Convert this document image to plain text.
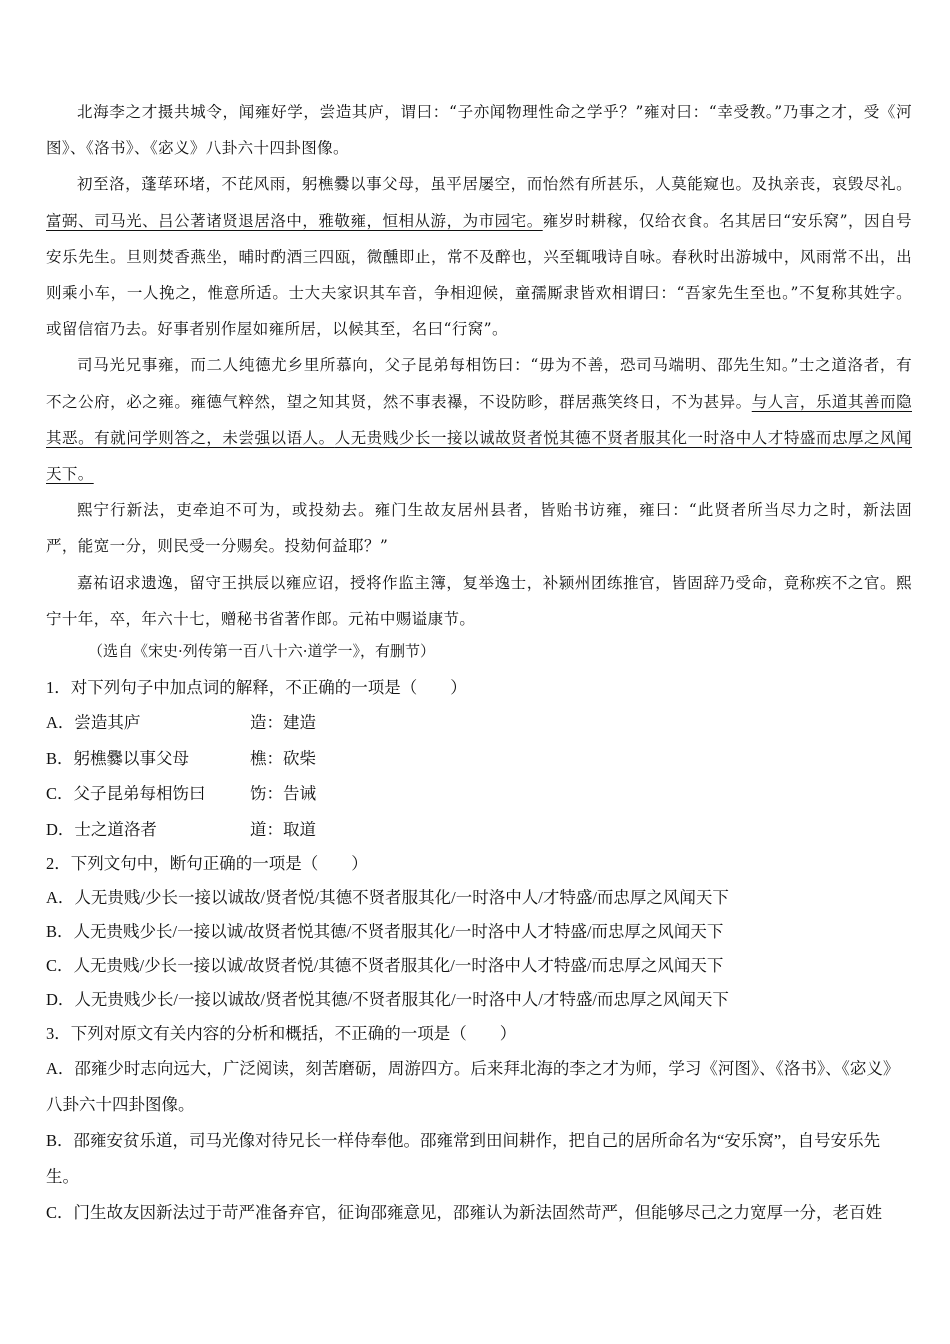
北海李之才摄共城令，闻雍好学，尝造其庐，谓曰：“子亦闻物理性命之学乎？”雍对曰：“幸受教。”乃事之才，受《河图》、《洛书》、《宓义》八卦六十四卦图像。

初至洛，蓬荜环堵，不芘风雨，躬樵爨以事父母，虽平居屡空，而怡然有所甚乐，人莫能窥也。及执亲丧，哀毁尽礼。富弼、司马光、吕公著诸贤退居洛中，雅敬雍，恒相从游，为市园宅。雍岁时耕稼，仅给衣食。名其居曰“安乐窝”，因自号安乐先生。旦则焚香燕坐，晡时酌酒三四瓯，微醺即止，常不及醉也，兴至辄哦诗自咏。春秋时出游城中，风雨常不出，出则乘小车，一人挽之，惟意所适。士大夫家识其车音，争相迎候，童孺厮隶皆欢相谓曰：“吾家先生至也。”不复称其姓字。或留信宿乃去。好事者别作屋如雍所居，以候其至，名曰“行窝”。

司马光兄事雍，而二人纯德尤乡里所慕向，父子昆弟每相饬曰：“毋为不善，恐司马端明、邵先生知。”士之道洛者，有不之公府，必之雍。雍德气粹然，望之知其贤，然不事表襮，不设防畛，群居燕笑终日，不为甚异。与人言，乐道其善而隐其恶。有就问学则答之，未尝强以语人。人无贵贱少长一接以诚故贤者悦其德不贤者服其化一时洛中人才特盛而忠厚之风闻天下。

熙宁行新法，吏牵迫不可为，或投劾去。雍门生故友居州县者，皆贻书访雍，雍曰：“此贤者所当尽力之时，新法固严，能宽一分，则民受一分赐矣。投劾何益耶？”

嘉祐诏求遗逸，留守王拱辰以雍应诏，授将作监主簿，复举逸士，补颍州团练推官，皆固辞乃受命，竟称疾不之官。熙宁十年，卒，年六十七，赠秘书省著作郎。元祐中赐谥康节。

（选自《宋史·列传第一百八十六·道学一》，有删节）
1．对下列句子中加点词的解释，不正确的一项是（　　）
A．尝造其庐	造：建造
B．躬樵爨以事父母	樵：砍柴
C．父子昆弟每相饬曰	饬：告诫
D．士之道洛者	道：取道
2．下列文句中，断句正确的一项是（　　）
A．人无贵贱/少长一接以诚故/贤者悦/其德不贤者服其化/一时洛中人/才特盛/而忠厚之风闻天下
B．人无贵贱少长/一接以诚/故贤者悦其德/不贤者服其化/一时洛中人才特盛/而忠厚之风闻天下
C．人无贵贱/少长一接以诚/故贤者悦/其德不贤者服其化/一时洛中人才特盛/而忠厚之风闻天下
D．人无贵贱少长/一接以诚故/贤者悦其德/不贤者服其化/一时洛中人/才特盛/而忠厚之风闻天下
3．下列对原文有关内容的分析和概括，不正确的一项是（　　）
A．邵雍少时志向远大，广泛阅读，刻苦磨砺，周游四方。后来拜北海的李之才为师，学习《河图》、《洛书》、《宓义》八卦六十四卦图像。
B．邵雍安贫乐道，司马光像对待兄长一样侍奉他。邵雍常到田间耕作，把自己的居所命名为“安乐窝”，自号安乐先生。
C．门生故友因新法过于苛严准备弃官，征询邵雍意见，邵雍认为新法固然苛严，但能够尽己之力宽厚一分，老百姓
